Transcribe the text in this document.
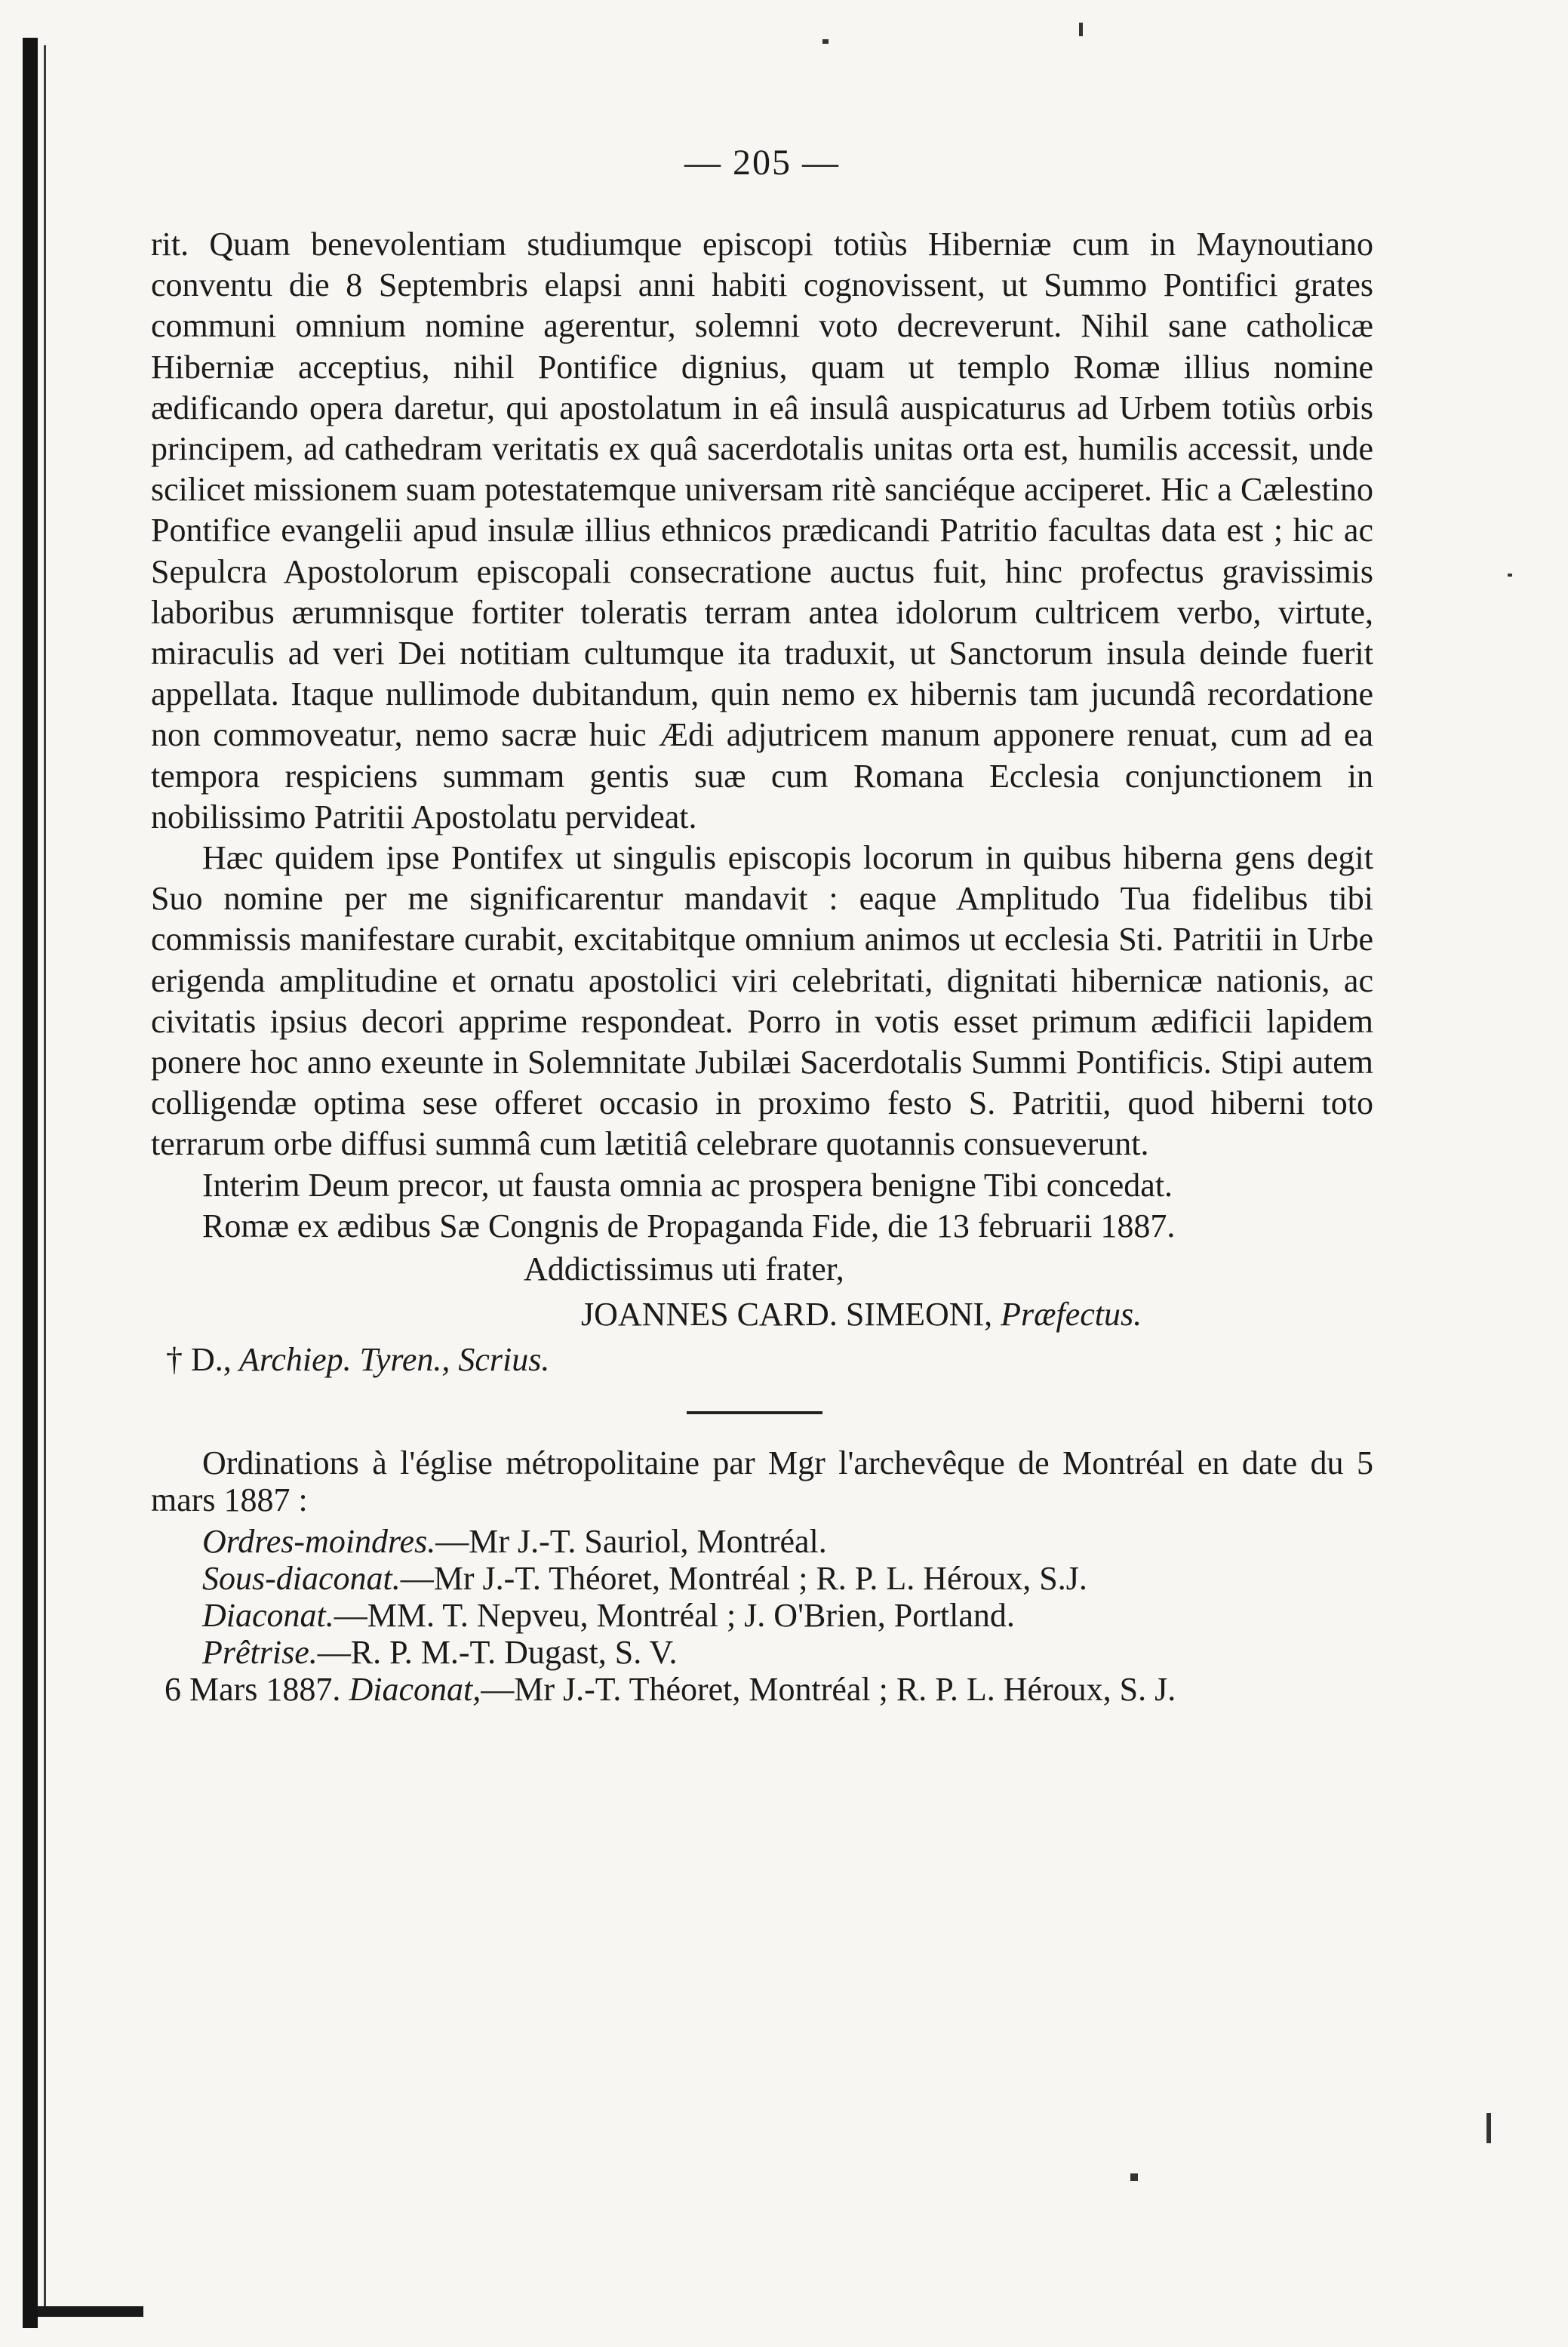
— 205 —

rit. Quam benevolentiam studiumque episcopi totiùs Hiberniæ cum in Maynoutiano conventu die 8 Septembris elapsi anni habiti cognovissent, ut Summo Pontifici grates communi omnium nomine agerentur, solemni voto decreverunt. Nihil sane catholicæ Hiberniæ acceptius, nihil Pontifice dignius, quam ut templo Romæ illius nomine ædificando opera daretur, qui apostolatum in eâ insulâ auspicaturus ad Urbem totiùs orbis principem, ad cathedram veritatis ex quâ sacerdotalis unitas orta est, humilis accessit, unde scilicet missionem suam potestatemque universam ritè sanciéque acciperet. Hic a Cælestino Pontifice evangelii apud insulæ illius ethnicos prædicandi Patritio facultas data est ; hic ac Sepulcra Apostolorum episcopali consecratione auctus fuit, hinc profectus gravissimis laboribus ærumnisque fortiter toleratis terram antea idolorum cultricem verbo, virtute, miraculis ad veri Dei notitiam cultumque ita traduxit, ut Sanctorum insula deinde fuerit appellata. Itaque nullimode dubitandum, quin nemo ex hibernis tam jucundâ recordatione non commoveatur, nemo sacræ huic Ædi adjutricem manum apponere renuat, cum ad ea tempora respiciens summam gentis suæ cum Romana Ecclesia conjunctionem in nobilissimo Patritii Apostolatu pervideat.

Hæc quidem ipse Pontifex ut singulis episcopis locorum in quibus hiberna gens degit Suo nomine per me significarentur mandavit : eaque Amplitudo Tua fidelibus tibi commissis manifestare curabit, excitabitque omnium animos ut ecclesia Sti. Patritii in Urbe erigenda amplitudine et ornatu apostolici viri celebritati, dignitati hibernicæ nationis, ac civitatis ipsius decori apprime respondeat. Porro in votis esset primum ædificii lapidem ponere hoc anno exeunte in Solemnitate Jubilæi Sacerdotalis Summi Pontificis. Stipi autem colligendæ optima sese offeret occasio in proximo festo S. Patritii, quod hiberni toto terrarum orbe diffusi summâ cum lætitiâ celebrare quotannis consueverunt.

Interim Deum precor, ut fausta omnia ac prospera benigne Tibi concedat.

Romæ ex ædibus Sæ Congnis de Propaganda Fide, die 13 februarii 1887.

Addictissimus uti frater,
JOANNES CARD. SIMEONI, Præfectus.
† D., Archiep. Tyren., Scrius.

Ordinations à l'église métropolitaine par Mgr l'archevêque de Montréal en date du 5 mars 1887 :

Ordres-moindres.—Mr J.-T. Sauriol, Montréal.

Sous-diaconat.—Mr J.-T. Théoret, Montréal ; R. P. L. Héroux, S.J.

Diaconat.—MM. T. Nepveu, Montréal ; J. O'Brien, Portland.

Prêtrise.—R. P. M.-T. Dugast, S. V.

6 Mars 1887. Diaconat,—Mr J.-T. Théoret, Montréal ; R. P. L. Héroux, S. J.
